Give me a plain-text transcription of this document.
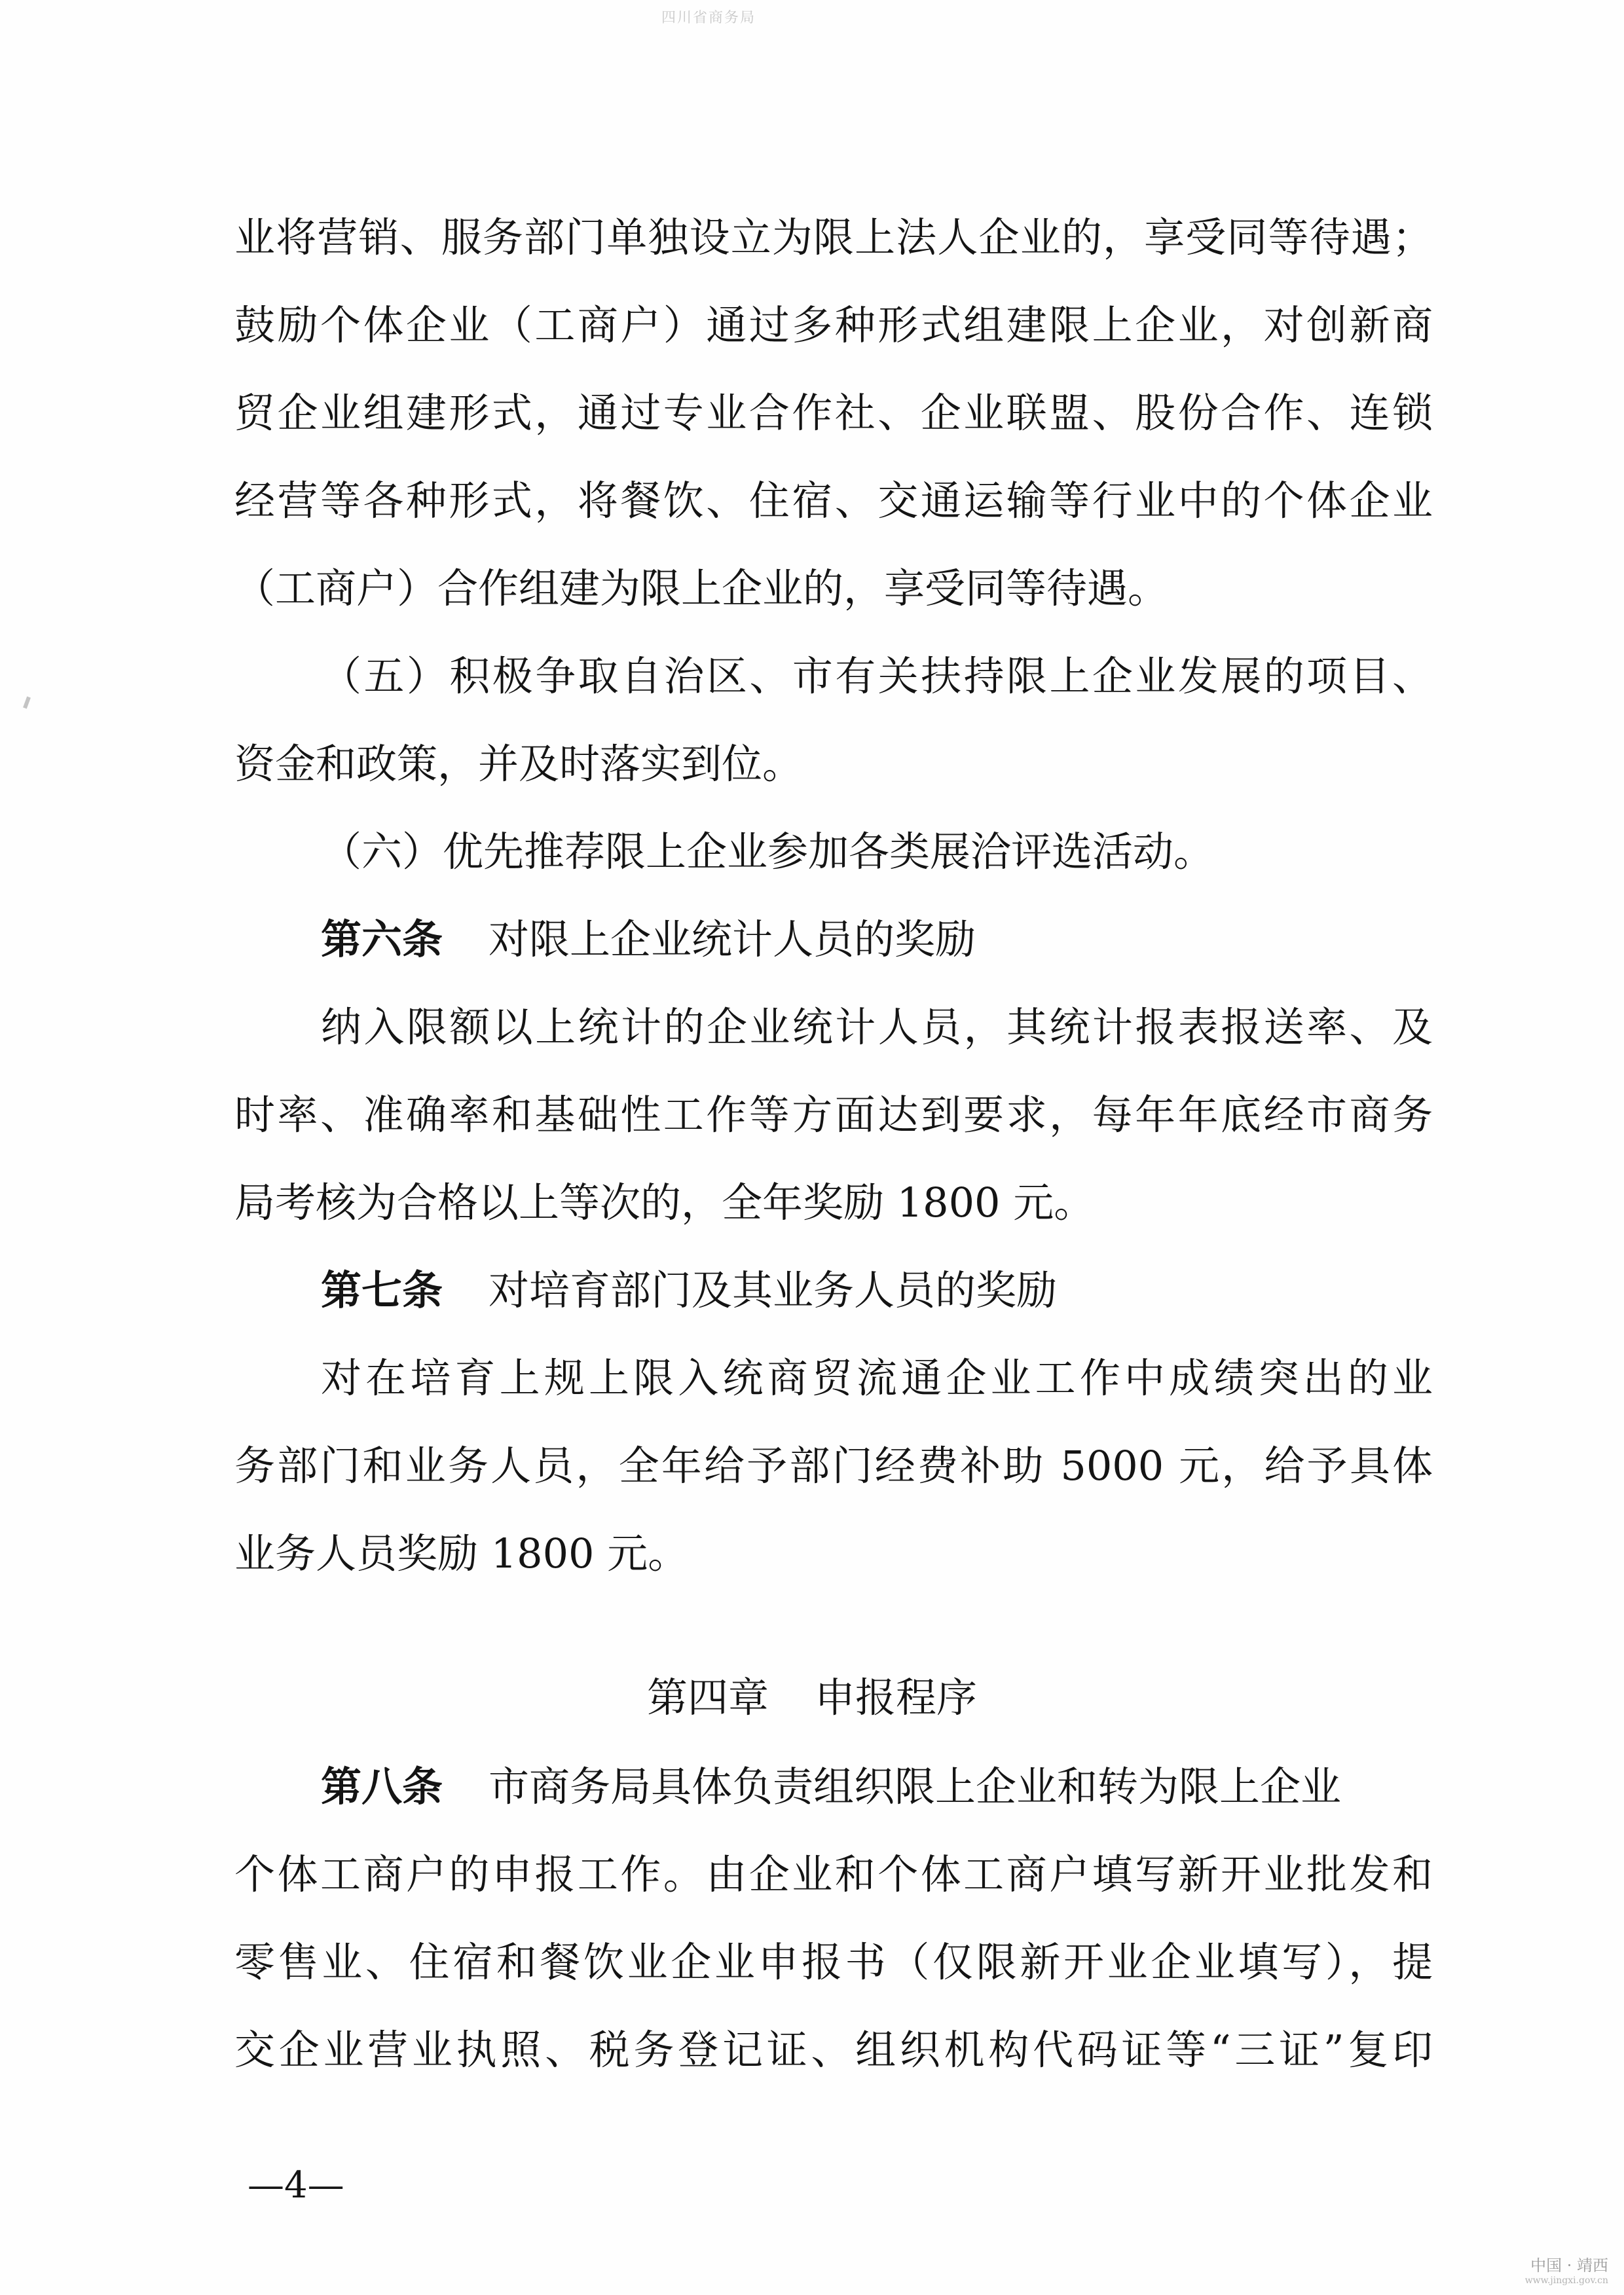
四川省商务局
业将营销、服务部门单独设立为限上法人企业的，享受同等待遇；
鼓励个体企业（工商户）通过多种形式组建限上企业，对创新商
贸企业组建形式，通过专业合作社、企业联盟、股份合作、连锁
经营等各种形式，将餐饮、住宿、交通运输等行业中的个体企业
（工商户）合作组建为限上企业的，享受同等待遇。
（五）积极争取自治区、市有关扶持限上企业发展的项目、
资金和政策，并及时落实到位。
（六）优先推荐限上企业参加各类展洽评选活动。
第六条 对限上企业统计人员的奖励
纳入限额以上统计的企业统计人员，其统计报表报送率、及
时率、准确率和基础性工作等方面达到要求，每年年底经市商务
局考核为合格以上等次的，全年奖励 1800 元。
第七条 对培育部门及其业务人员的奖励
对在培育上规上限入统商贸流通企业工作中成绩突出的业
务部门和业务人员，全年给予部门经费补助 5000 元，给予具体
业务人员奖励 1800 元。
第四章 申报程序
第八条 市商务局具体负责组织限上企业和转为限上企业
个体工商户的申报工作。由企业和个体工商户填写新开业批发和
零售业、住宿和餐饮业企业申报书（仅限新开业企业填写），提
交企业营业执照、税务登记证、组织机构代码证等“三证”复印
—4—
中国 · 靖西
www.jingxi.gov.cn
